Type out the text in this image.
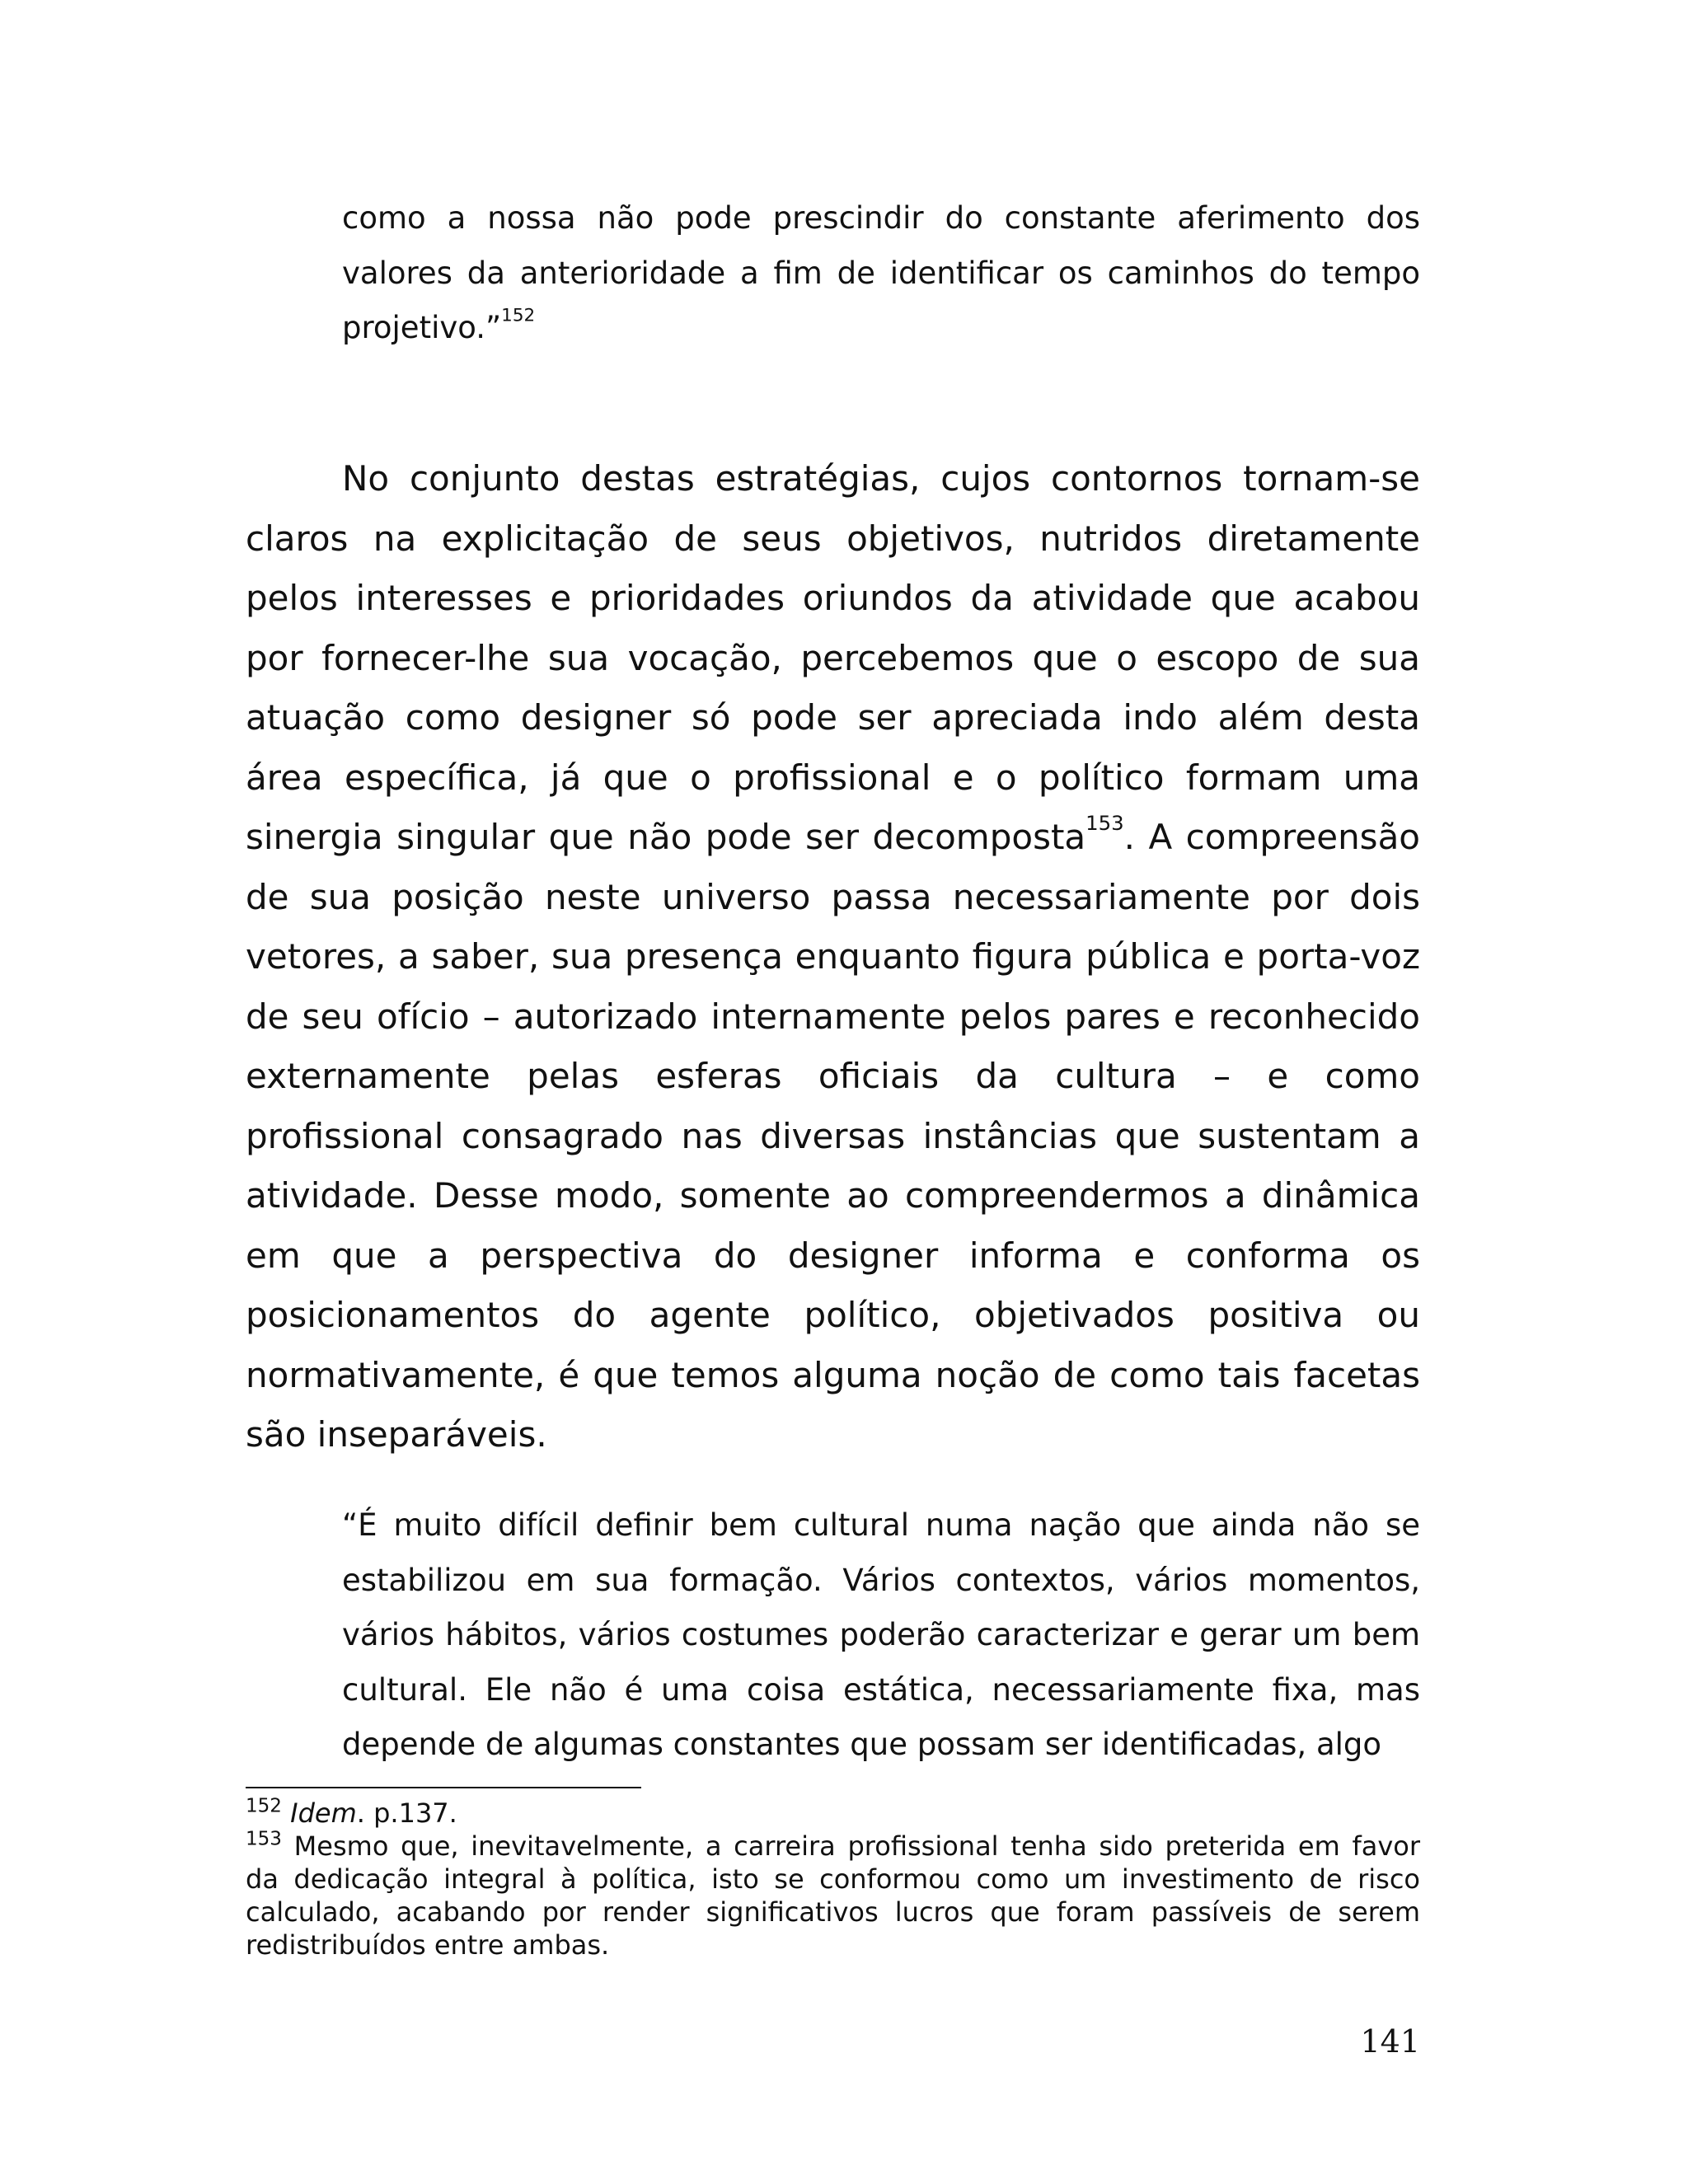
como a nossa não pode prescindir do constante aferimento dos valores da anterioridade a fim de identificar os caminhos do tempo projetivo.”$^{152}$

No conjunto destas estratégias, cujos contornos tornam-se claros na explicitação de seus objetivos, nutridos diretamente pelos interesses e prioridades oriundos da atividade que acabou por fornecer-lhe sua vocação, percebemos que o escopo de sua atuação como designer só pode ser apreciada indo além desta área específica, já que o profissional e o político formam uma sinergia singular que não pode ser decomposta$^{153}$. A compreensão de sua posição neste universo passa necessariamente por dois vetores, a saber, sua presença enquanto figura pública e porta-voz de seu ofício – autorizado internamente pelos pares e reconhecido externamente pelas esferas oficiais da cultura – e como profissional consagrado nas diversas instâncias que sustentam a atividade. Desse modo, somente ao compreendermos a dinâmica em que a perspectiva do designer informa e conforma os posicionamentos do agente político, objetivados positiva ou normativamente, é que temos alguma noção de como tais facetas são inseparáveis.

“É muito difícil definir bem cultural numa nação que ainda não se estabilizou em sua formação. Vários contextos, vários momentos, vários hábitos, vários costumes poderão caracterizar e gerar um bem cultural. Ele não é uma coisa estática, necessariamente fixa, mas depende de algumas constantes que possam ser identificadas, algo

$^{152}$ Idem. p.137.

$^{153}$ Mesmo que, inevitavelmente, a carreira profissional tenha sido preterida em favor da dedicação integral à política, isto se conformou como um investimento de risco calculado, acabando por render significativos lucros que foram passíveis de serem redistribuídos entre ambas.

141
